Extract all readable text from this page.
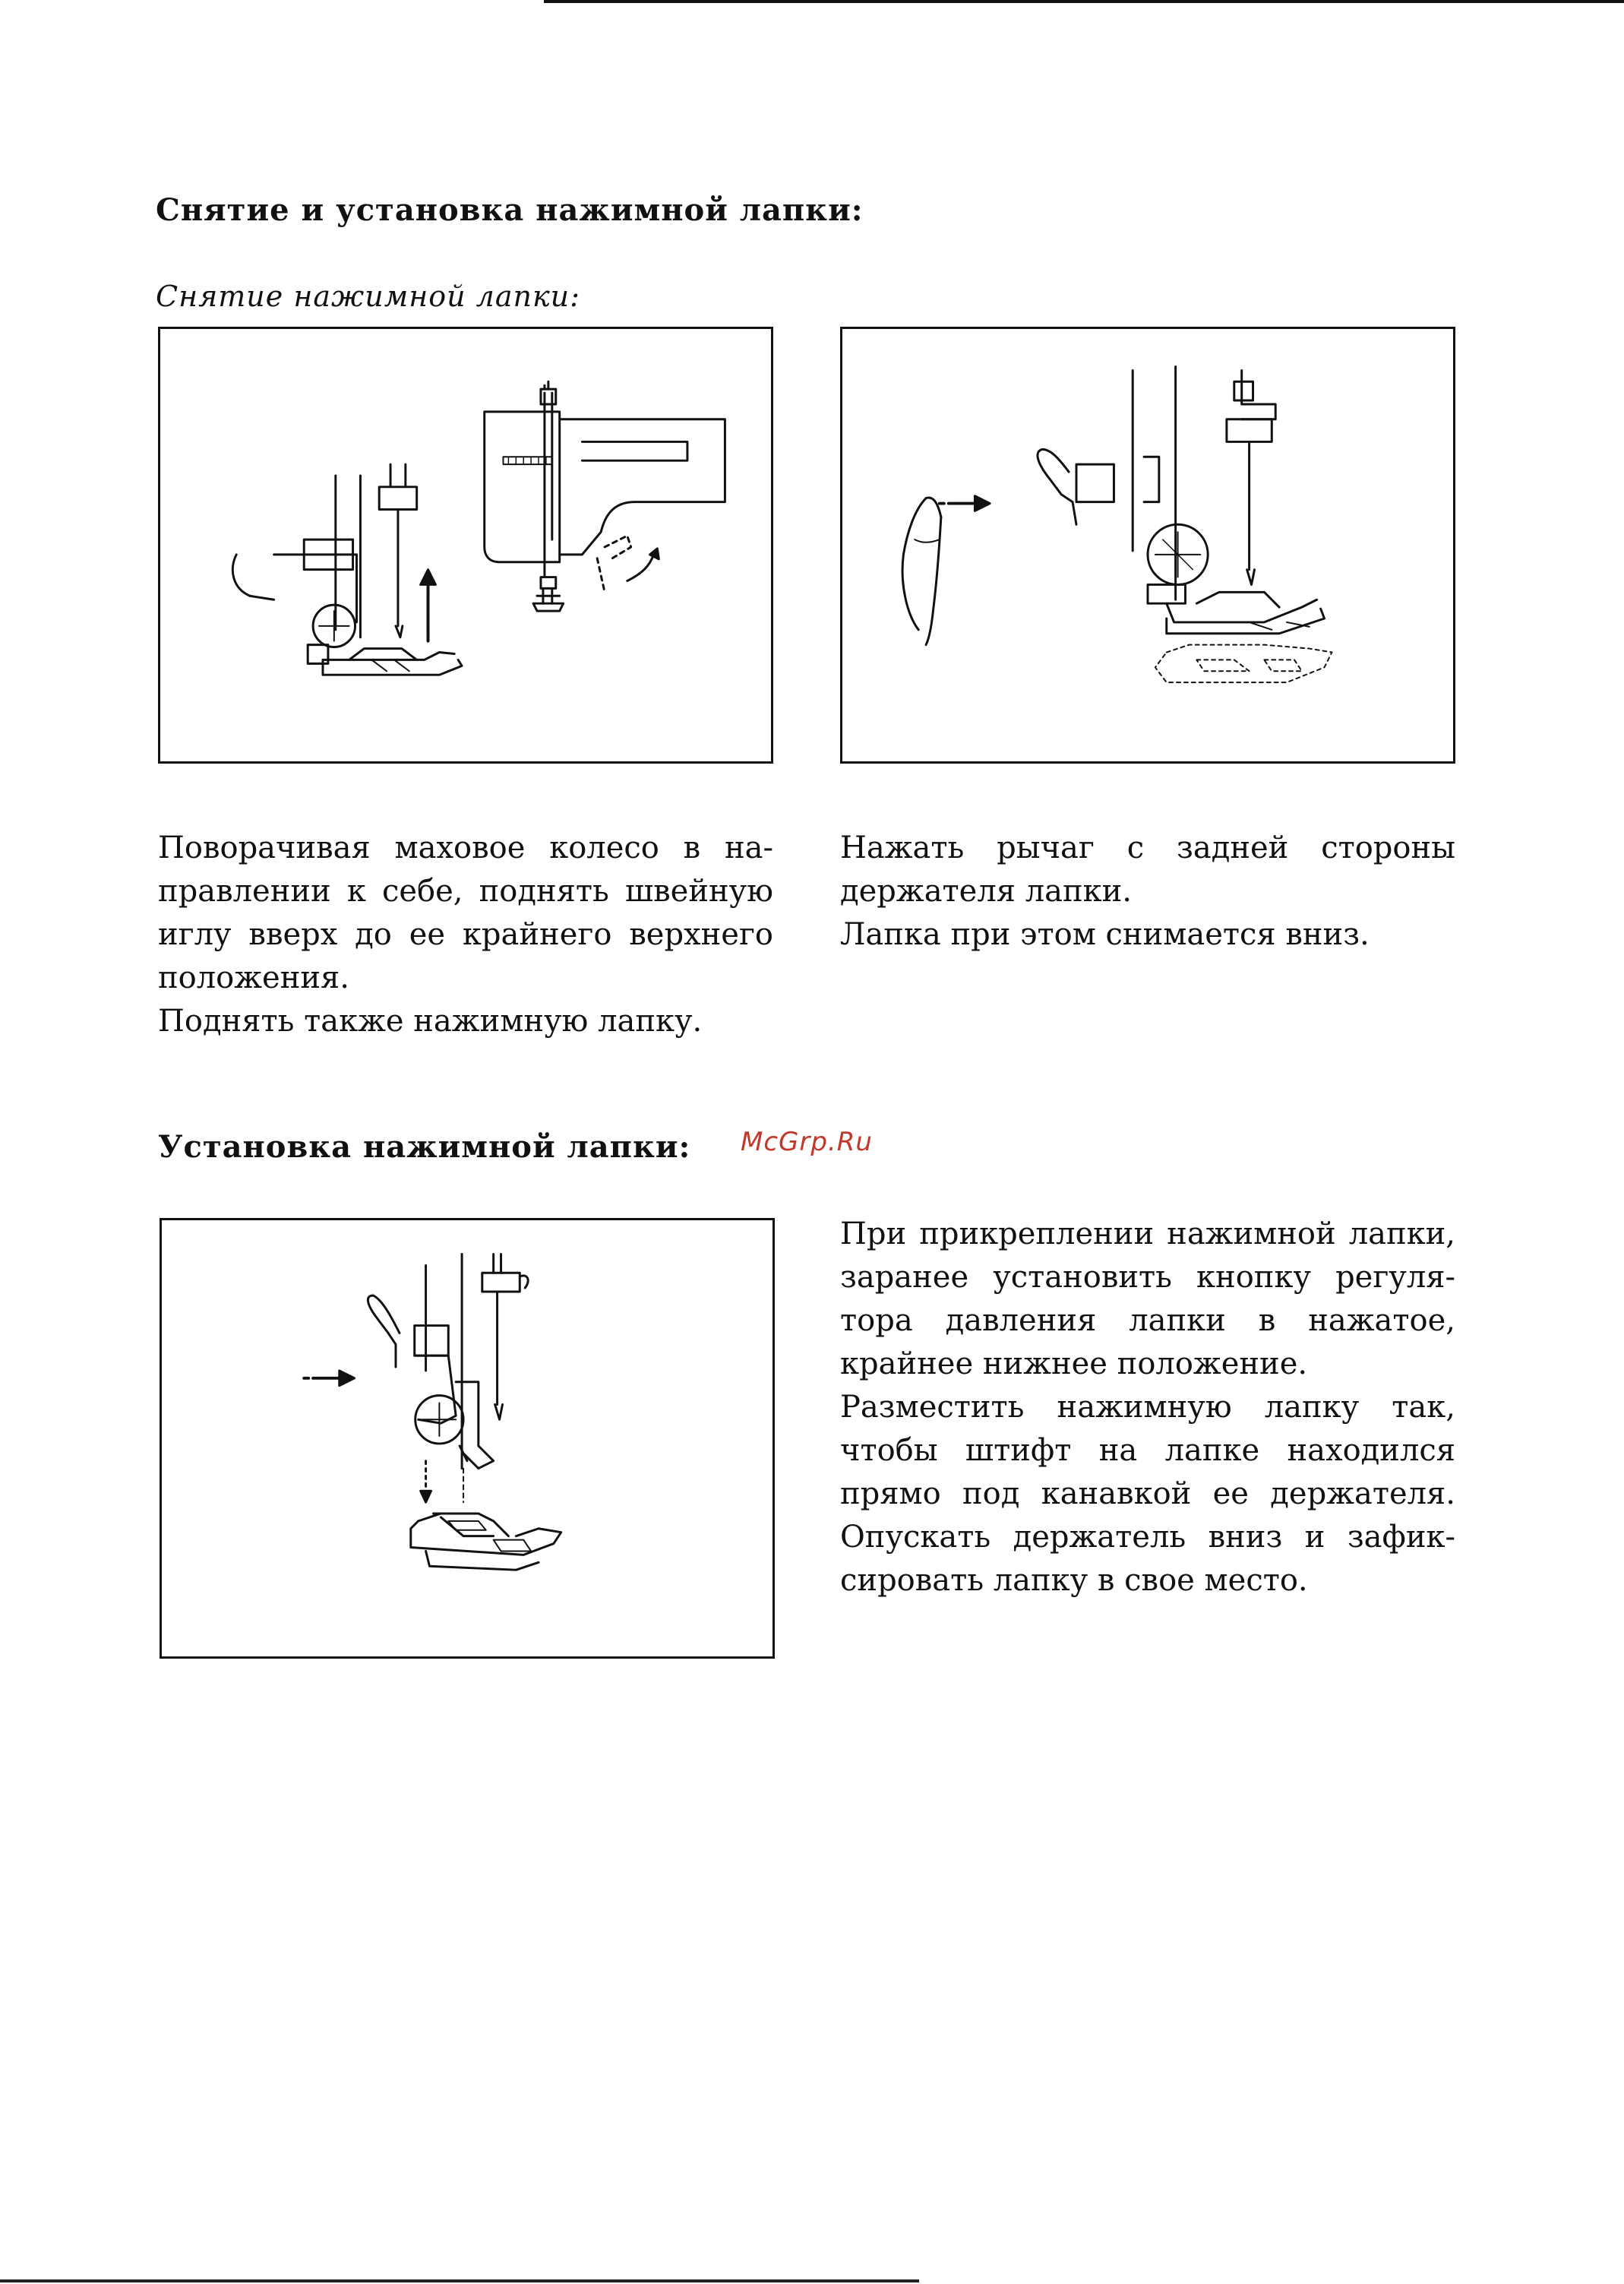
Снятие и установка нажимной лапки:
Снятие нажимной лапки:
Поворачивая маховое колесо в на-
правлении к себе, поднять швейную
иглу вверх до ее крайнего верхнего
положения.
Поднять также нажимную лапку.
Нажать рычаг с задней стороны
держателя лапки.
Лапка при этом снимается вниз.
Установка нажимной лапки: McGrp.Ru
При прикреплении нажимной лапки,
заранее установить кнопку регуля-
тора давления лапки в нажатое,
крайнее нижнее положение.
Разместить нажимную лапку так,
чтобы штифт на лапке находился
прямо под канавкой ее держателя.
Опускать держатель вниз и зафик-
сировать лапку в свое место.
